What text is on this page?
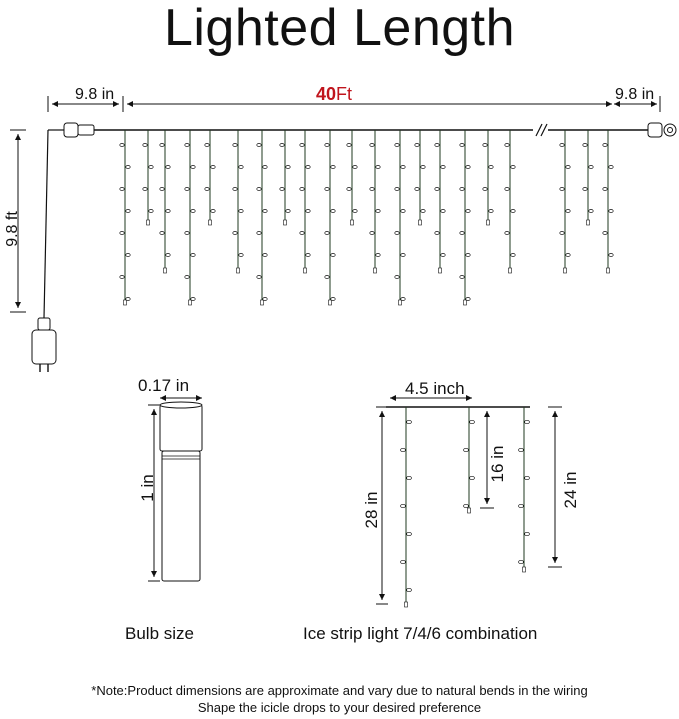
Lighted Length
9.8 in	40Ft	9.8 in
9.8 ft
0.17 in
1 in
Bulb size
4.5 inch
28 in
16 in
24 in
Ice strip light 7/4/6 combination
*Note:Product dimensions are approximate and vary due to natural bends in the wiring
Shape the icicle drops to your desired preference
